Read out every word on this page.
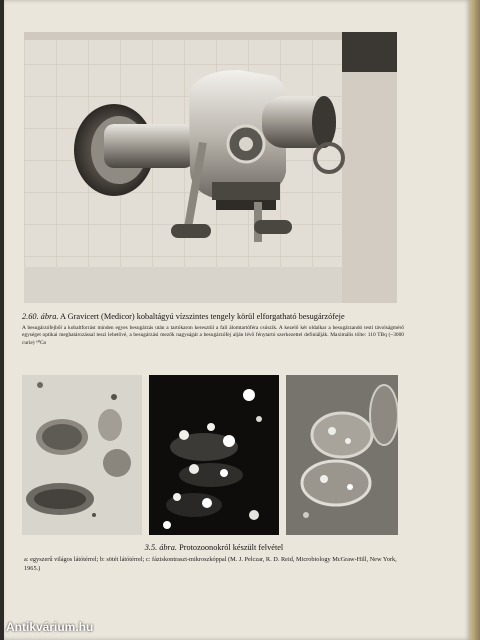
2.60. ábra. A Gravicert (Medicor) kobaltágyú vízszintes tengely körül elforgatható besugárzófeje
A besugárzófejből a kobaltforrást minden egyes besugárzás után a tartókaron keresztül a falí álomtartóféra csúszik. A kezelő két oldalkar a besugárzandó testi távolságmérő egységet optikai meghatározással teszi lehetővé, a besugárzási mezők nagyságát a besugárzófej alján lévő fénytartó szerkezettel definiálják. Maximális tölte: 110 TBq (~3000 curie) ⁶⁰Co
3.5. ábra. Protozoonokról készült felvétel
a: egyszerű világos látótérrel; b: sötét látótérrel; c: fáziskontraszt-mikroszkóppal (M. J. Pelczar, R. D. Reid, Microbiology McGraw-Hill, New York, 1965.)
Antikvárium.hu
